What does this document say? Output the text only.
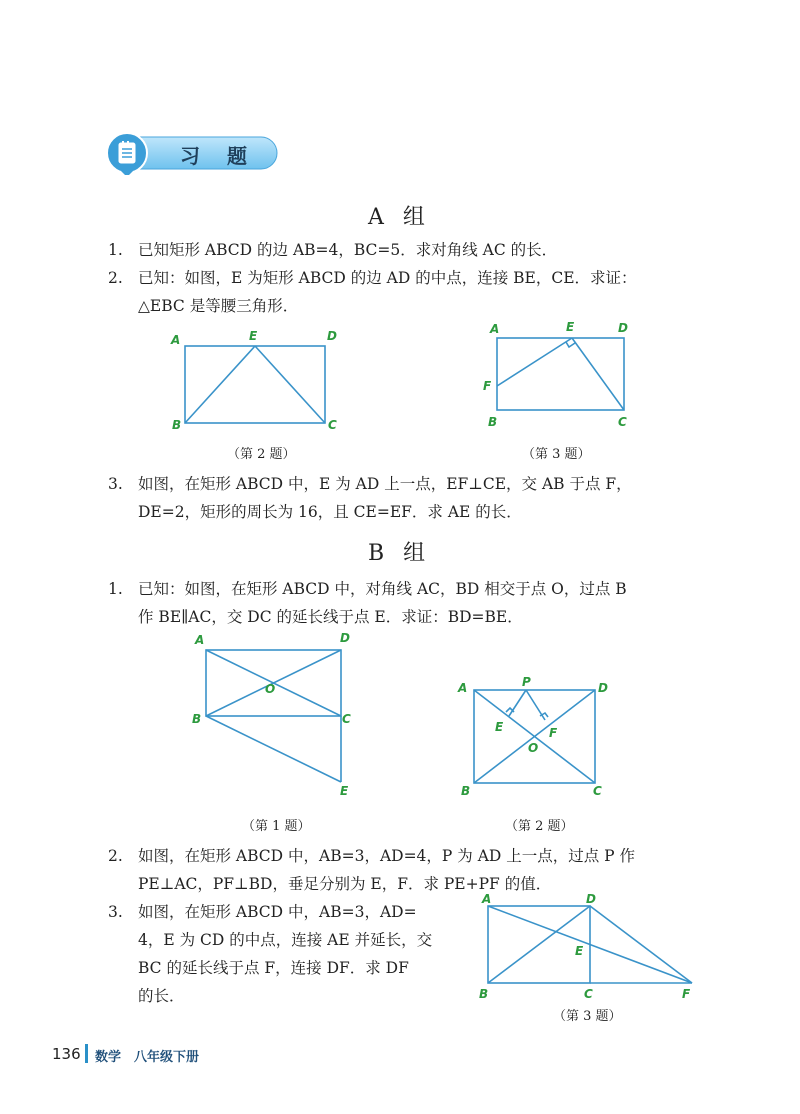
习 题
A 组
1. 已知矩形 ABCD 的边 AB=4，BC=5．求对角线 AC 的长．
2. 已知：如图，E 为矩形 ABCD 的边 AD 的中点，连接 BE，CE．求证：
△EBC 是等腰三角形．
A	E	D
B	C
（第 2 题）
A	E	D
F
B	C
（第 3 题）
3. 如图，在矩形 ABCD 中，E 为 AD 上一点，EF⊥CE，交 AB 于点 F，
DE=2，矩形的周长为 16，且 CE=EF．求 AE 的长．
B 组
1. 已知：如图，在矩形 ABCD 中，对角线 AC，BD 相交于点 O，过点 B
作 BE∥AC，交 DC 的延长线于点 E．求证：BD=BE．
A	D
O
B	C
E
（第 1 题）
A	P	D
E	F
O
B	C
（第 2 题）
2. 如图，在矩形 ABCD 中，AB=3，AD=4，P 为 AD 上一点，过点 P 作
PE⊥AC，PF⊥BD，垂足分别为 E，F．求 PE+PF 的值．
3. 如图，在矩形 ABCD 中，AB=3，AD=
4，E 为 CD 的中点，连接 AE 并延长，交
BC 的延长线于点 F，连接 DF．求 DF
的长．
A	D
E
B	C	F
（第 3 题）
136 数学　八年级下册
